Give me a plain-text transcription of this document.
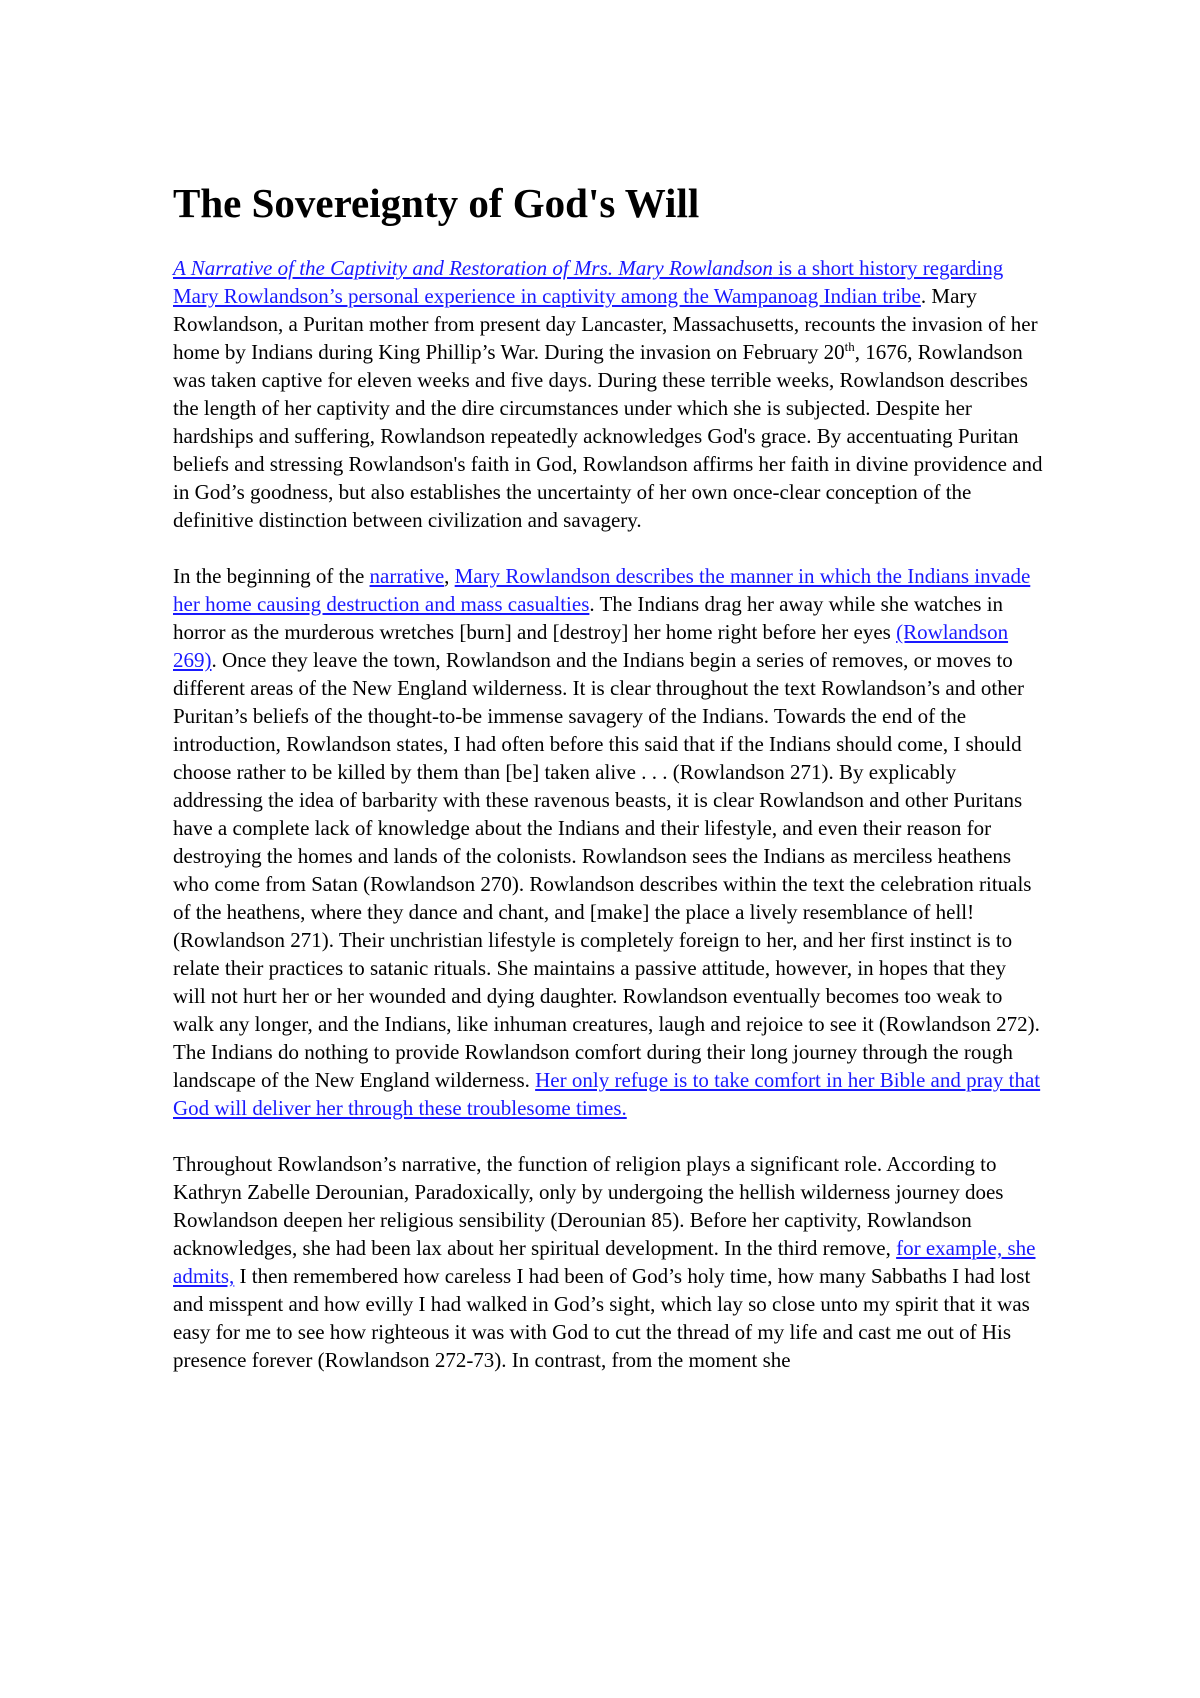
The Sovereignty of God's Will

A Narrative of the Captivity and Restoration of Mrs. Mary Rowlandson is a short history regarding Mary Rowlandson’s personal experience in captivity among the Wampanoag Indian tribe. Mary Rowlandson, a Puritan mother from present day Lancaster, Massachusetts, recounts the invasion of her home by Indians during King Phillip’s War. During the invasion on February 20th, 1676, Rowlandson was taken captive for eleven weeks and five days. During these terrible weeks, Rowlandson describes the length of her captivity and the dire circumstances under which she is subjected. Despite her hardships and suffering, Rowlandson repeatedly acknowledges God's grace. By accentuating Puritan beliefs and stressing Rowlandson's faith in God, Rowlandson affirms her faith in divine providence and in God’s goodness, but also establishes the uncertainty of her own once-clear conception of the definitive distinction between civilization and savagery.

In the beginning of the narrative, Mary Rowlandson describes the manner in which the Indians invade her home causing destruction and mass casualties. The Indians drag her away while she watches in horror as the murderous wretches [burn] and [destroy] her home right before her eyes (Rowlandson 269). Once they leave the town, Rowlandson and the Indians begin a series of removes, or moves to different areas of the New England wilderness. It is clear throughout the text Rowlandson’s and other Puritan’s beliefs of the thought-to-be immense savagery of the Indians. Towards the end of the introduction, Rowlandson states, I had often before this said that if the Indians should come, I should choose rather to be killed by them than [be] taken alive . . . (Rowlandson 271). By explicably addressing the idea of barbarity with these ravenous beasts, it is clear Rowlandson and other Puritans have a complete lack of knowledge about the Indians and their lifestyle, and even their reason for destroying the homes and lands of the colonists. Rowlandson sees the Indians as merciless heathens who come from Satan (Rowlandson 270). Rowlandson describes within the text the celebration rituals of the heathens, where they dance and chant, and [make] the place a lively resemblance of hell! (Rowlandson 271). Their unchristian lifestyle is completely foreign to her, and her first instinct is to relate their practices to satanic rituals. She maintains a passive attitude, however, in hopes that they will not hurt her or her wounded and dying daughter. Rowlandson eventually becomes too weak to walk any longer, and the Indians, like inhuman creatures, laugh and rejoice to see it (Rowlandson 272). The Indians do nothing to provide Rowlandson comfort during their long journey through the rough landscape of the New England wilderness. Her only refuge is to take comfort in her Bible and pray that God will deliver her through these troublesome times.

Throughout Rowlandson’s narrative, the function of religion plays a significant role. According to Kathryn Zabelle Derounian, Paradoxically, only by undergoing the hellish wilderness journey does Rowlandson deepen her religious sensibility (Derounian 85). Before her captivity, Rowlandson acknowledges, she had been lax about her spiritual development. In the third remove, for example, she admits, I then remembered how careless I had been of God’s holy time, how many Sabbaths I had lost and misspent and how evilly I had walked in God’s sight, which lay so close unto my spirit that it was easy for me to see how righteous it was with God to cut the thread of my life and cast me out of His presence forever (Rowlandson 272-73). In contrast, from the moment she
